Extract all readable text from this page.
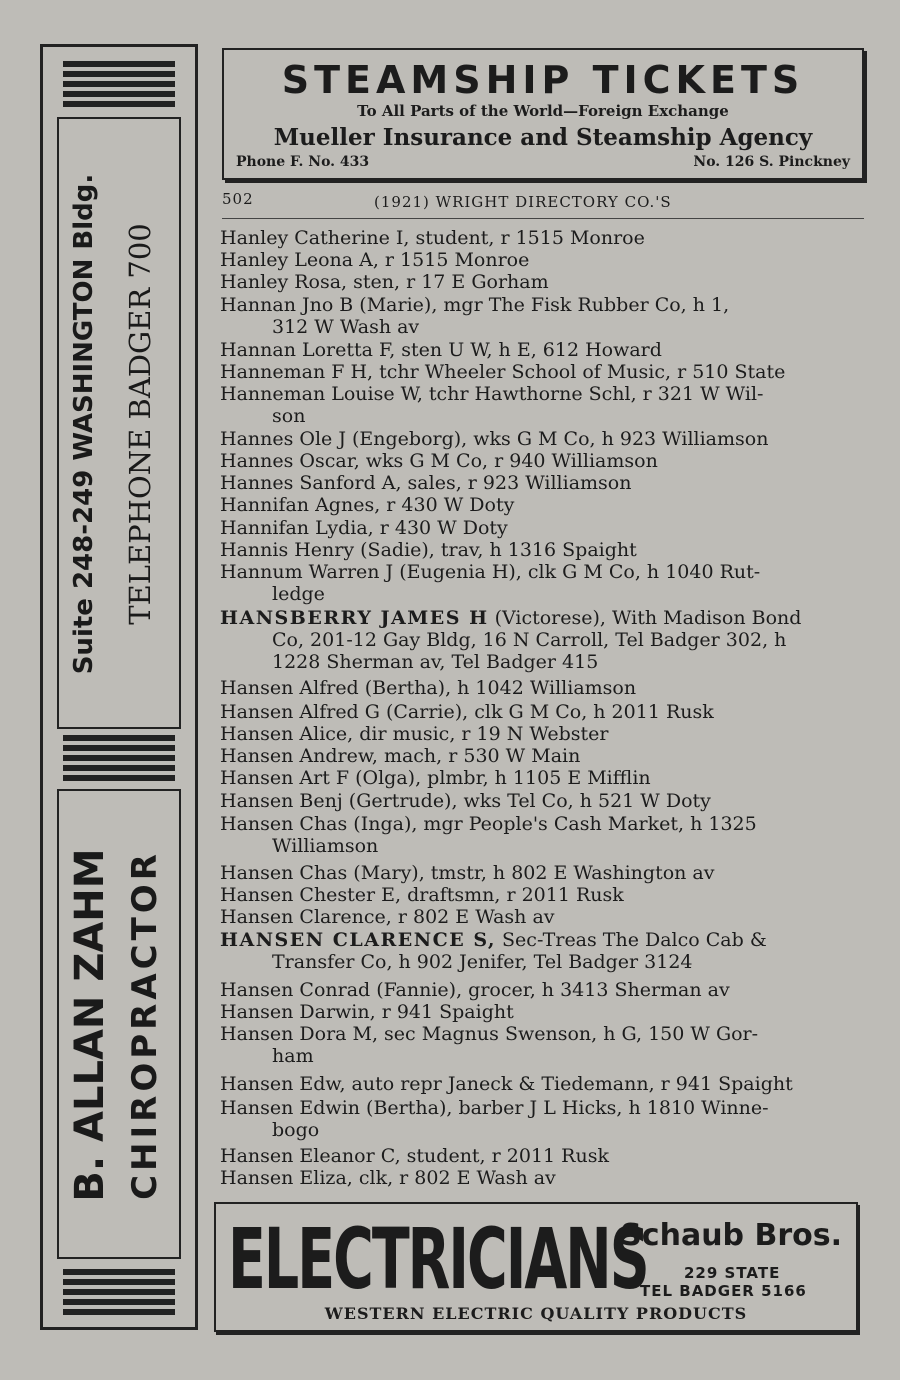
Suite 248-249 WASHINGTON Bldg. TELEPHONE BADGER 700
B. ALLAN ZAHM CHIROPRACTOR
STEAMSHIP TICKETS
To All Parts of the World—Foreign Exchange
Mueller Insurance and Steamship Agency
Phone F. No. 433	No. 126 S. Pinckney
502	(1921) WRIGHT DIRECTORY CO.'S
Hanley Catherine I, student, r 1515 Monroe
Hanley Leona A, r 1515 Monroe
Hanley Rosa, sten, r 17 E Gorham
Hannan Jno B (Marie), mgr The Fisk Rubber Co, h 1,
312 W Wash av
Hannan Loretta F, sten U W, h E, 612 Howard
Hanneman F H, tchr Wheeler School of Music, r 510 State
Hanneman Louise W, tchr Hawthorne Schl, r 321 W Wil-
son
Hannes Ole J (Engeborg), wks G M Co, h 923 Williamson
Hannes Oscar, wks G M Co, r 940 Williamson
Hannes Sanford A, sales, r 923 Williamson
Hannifan Agnes, r 430 W Doty
Hannifan Lydia, r 430 W Doty
Hannis Henry (Sadie), trav, h 1316 Spaight
Hannum Warren J (Eugenia H), clk G M Co, h 1040 Rut-
ledge
HANSBERRY JAMES H (Victorese), With Madison Bond
Co, 201-12 Gay Bldg, 16 N Carroll, Tel Badger 302, h
1228 Sherman av, Tel Badger 415
Hansen Alfred (Bertha), h 1042 Williamson
Hansen Alfred G (Carrie), clk G M Co, h 2011 Rusk
Hansen Alice, dir music, r 19 N Webster
Hansen Andrew, mach, r 530 W Main
Hansen Art F (Olga), plmbr, h 1105 E Mifflin
Hansen Benj (Gertrude), wks Tel Co, h 521 W Doty
Hansen Chas (Inga), mgr People's Cash Market, h 1325
Williamson
Hansen Chas (Mary), tmstr, h 802 E Washington av
Hansen Chester E, draftsmn, r 2011 Rusk
Hansen Clarence, r 802 E Wash av
HANSEN CLARENCE S, Sec-Treas The Dalco Cab &
Transfer Co, h 902 Jenifer, Tel Badger 3124
Hansen Conrad (Fannie), grocer, h 3413 Sherman av
Hansen Darwin, r 941 Spaight
Hansen Dora M, sec Magnus Swenson, h G, 150 W Gor-
ham
Hansen Edw, auto repr Janeck & Tiedemann, r 941 Spaight
Hansen Edwin (Bertha), barber J L Hicks, h 1810 Winne-
bogo
Hansen Eleanor C, student, r 2011 Rusk
Hansen Eliza, clk, r 802 E Wash av
ELECTRICIANS
Schaub Bros.
229 STATE
TEL BADGER 5166
WESTERN ELECTRIC QUALITY PRODUCTS
